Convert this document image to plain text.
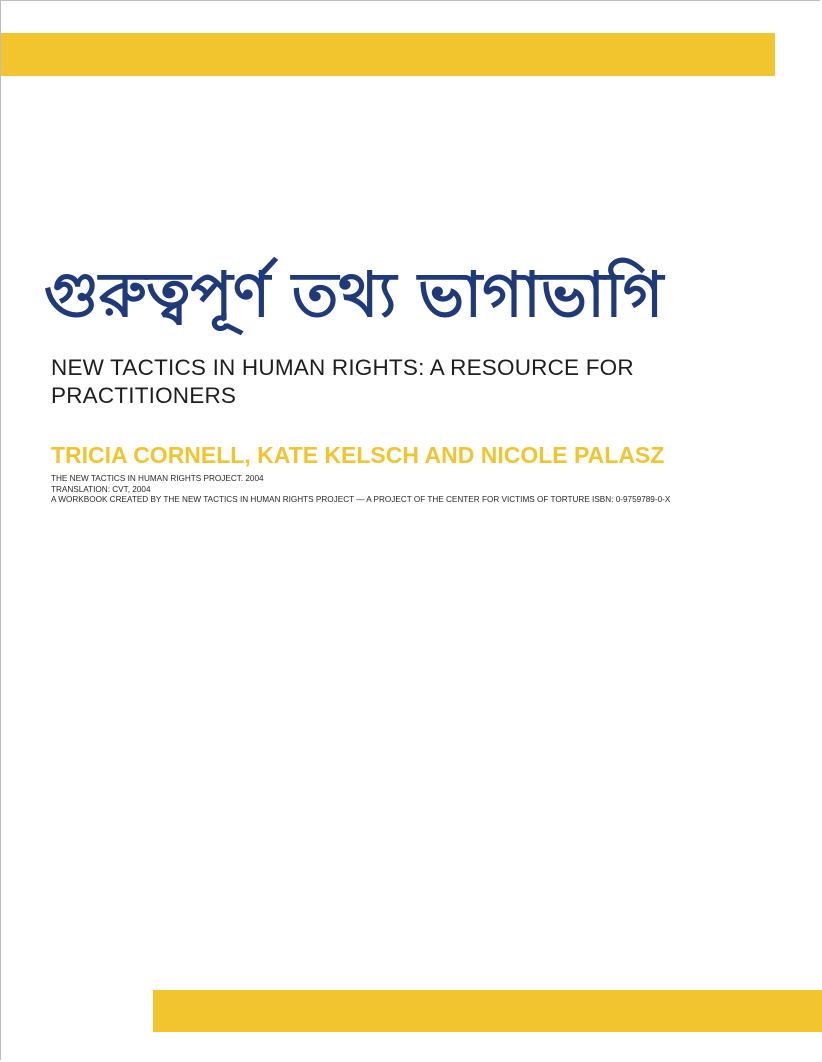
গুরুত্বপূর্ণ তথ্য ভাগাভাগি
NEW TACTICS IN HUMAN RIGHTS: A RESOURCE FOR PRACTITIONERS
TRICIA CORNELL, KATE KELSCH AND NICOLE PALASZ
THE NEW TACTICS IN HUMAN RIGHTS PROJECT. 2004
TRANSLATION: CVT, 2004
A WORKBOOK CREATED BY THE NEW TACTICS IN HUMAN RIGHTS PROJECT — A PROJECT OF THE CENTER FOR VICTIMS OF TORTURE ISBN: 0-9759789-0-X
